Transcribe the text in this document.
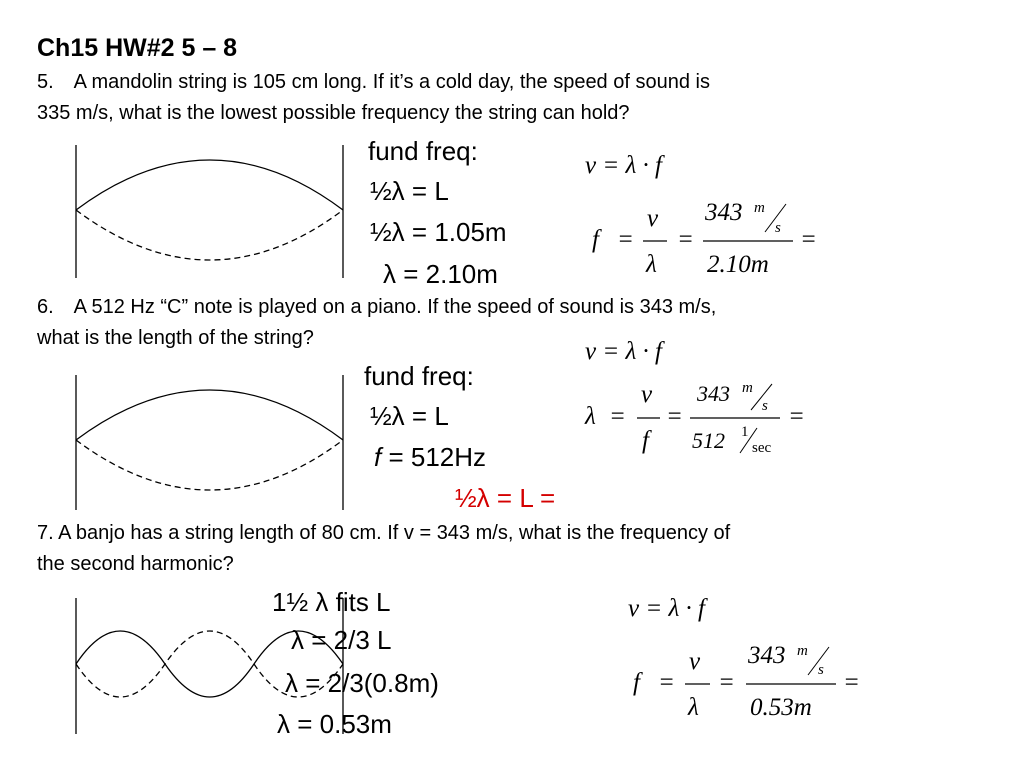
Ch15 HW#2 5 – 8
5. A mandolin string is 105 cm long. If it’s a cold day, the speed of sound is
335 m/s, what is the lowest possible frequency the string can hold?
fund freq:
½λ = L
½λ = 1.05m
λ = 2.10m
v = λ · f
f =
v
λ
=
343 m
s
2.10m
=
6. A 512 Hz “C” note is played on a piano. If the speed of sound is 343 m/s,
what is the length of the string?	v = λ · f
fund freq:
½λ = L
f = 512Hz
½λ = L =
λ =
v
f
=
343 m
s
512 1
sec
=
7. A banjo has a string length of 80 cm. If v = 343 m/s, what is the frequency of
the second harmonic?
1½ λ fits L
λ = 2/3 L
λ = 2/3(0.8m)
λ = 0.53m
v = λ · f
f =
v
λ
=
343 m
s
0.53m
=
